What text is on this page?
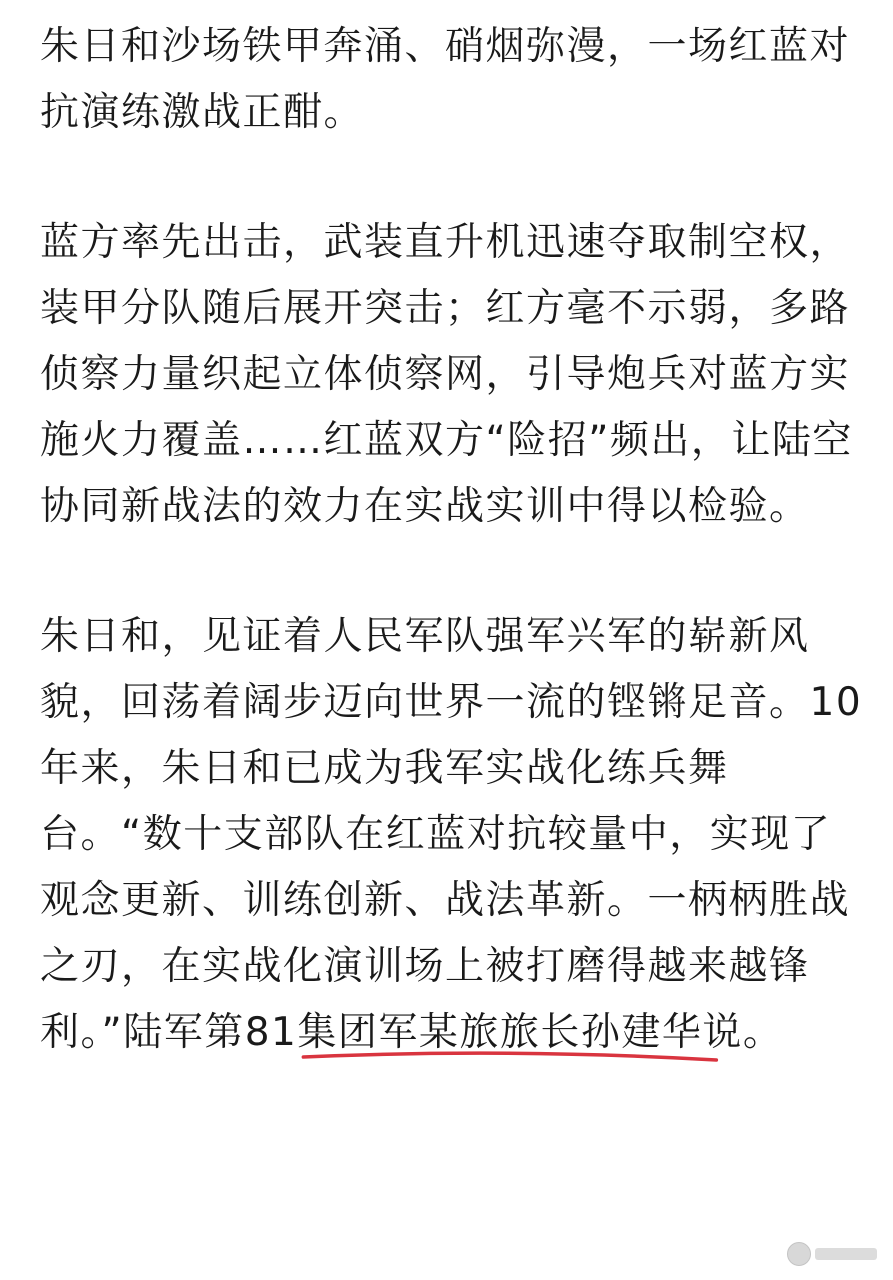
朱日和沙场铁甲奔涌、硝烟弥漫，一场红蓝对抗演练激战正酣。

蓝方率先出击，武装直升机迅速夺取制空权，装甲分队随后展开突击；红方毫不示弱，多路侦察力量织起立体侦察网，引导炮兵对蓝方实施火力覆盖……红蓝双方“险招”频出，让陆空协同新战法的效力在实战实训中得以检验。

朱日和，见证着人民军队强军兴军的崭新风貌，回荡着阔步迈向世界一流的铿锵足音。10年来，朱日和已成为我军实战化练兵舞台。“数十支部队在红蓝对抗较量中，实现了观念更新、训练创新、战法革新。一柄柄胜战之刃，在实战化演训场上被打磨得越来越锋利。”陆军第81集团军某旅旅长孙建华说。
